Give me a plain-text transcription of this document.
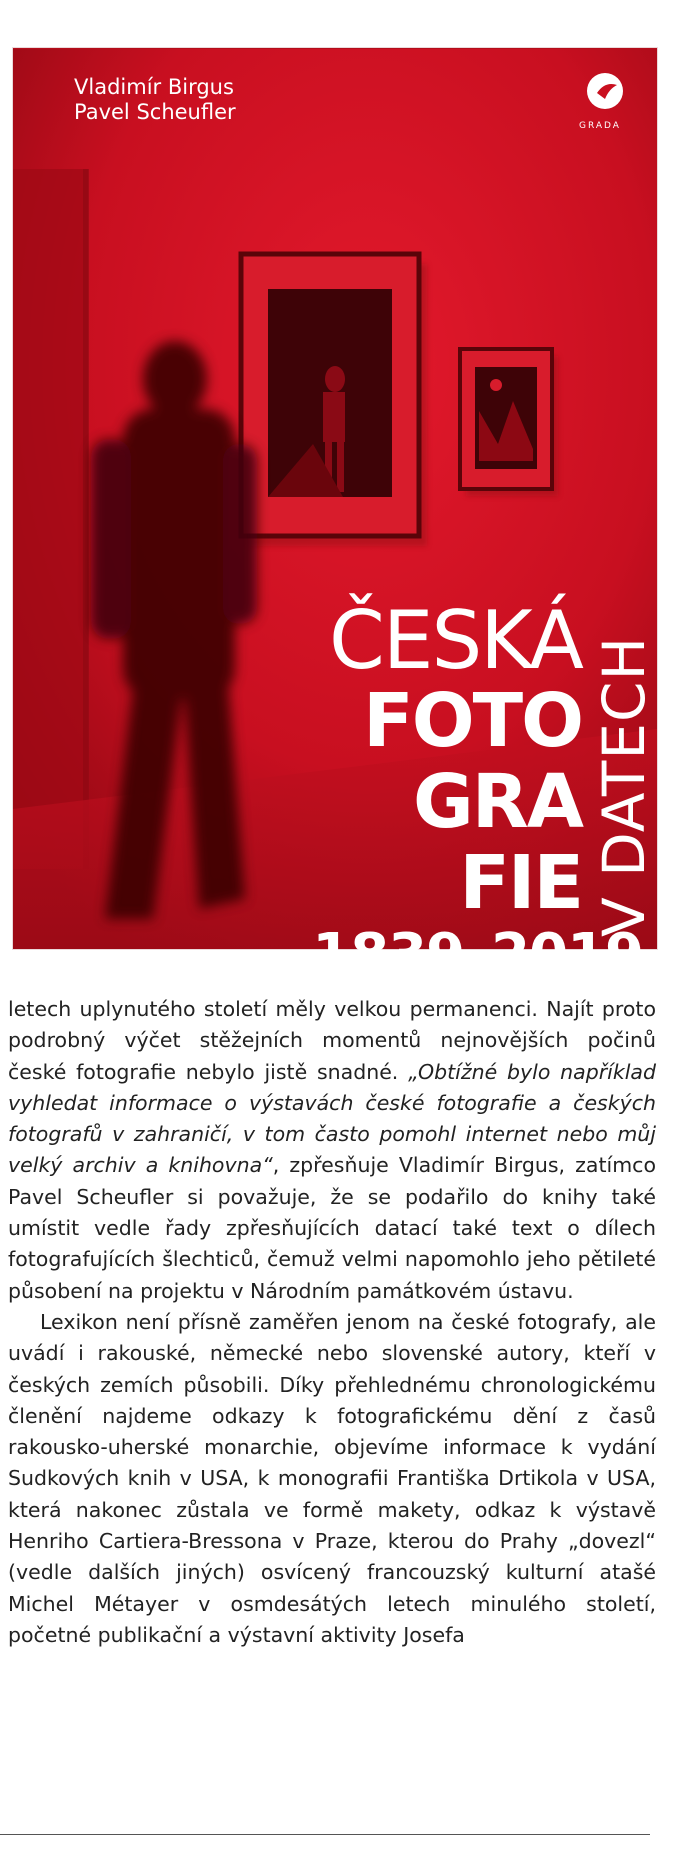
Vladimír Birgus
Pavel Scheufler
GRADA
ČESKÁ
FOTO
GRA
FIE V DATECH
1839–2019

letech uplynutého století měly velkou permanenci. Najít proto podrobný výčet stěžejních momentů nejnovějších počinů české fotografie nebylo jistě snadné. „Obtížné bylo například vyhledat informace o výstavách české fotografie a českých fotografů v zahraničí, v tom často pomohl internet nebo můj velký archiv a knihovna“, zpřesňuje Vladimír Birgus, zatímco Pavel Scheufler si považuje, že se podařilo do knihy také umístit vedle řady zpřesňujících datací také text o dílech fotografujících šlechticů, čemuž velmi napomohlo jeho pětileté působení na projektu v Národním památkovém ústavu.

Lexikon není přísně zaměřen jenom na české fotografy, ale uvádí i rakouské, německé nebo slovenské autory, kteří v českých zemích působili. Díky přehlednému chronologickému členění najdeme odkazy k fotografickému dění z časů rakousko-uherské monarchie, objevíme informace k vydání Sudkových knih v USA, k monografii Františka Drtikola v USA, která nakonec zůstala ve formě makety, odkaz k výstavě Henriho Cartiera-Bressona v Praze, kterou do Prahy „dovezl“ (vedle dalších jiných) osvícený francouzský kulturní atašé Michel Métayer v osmdesátých letech minulého století, početné publikační a výstavní aktivity Josefa
